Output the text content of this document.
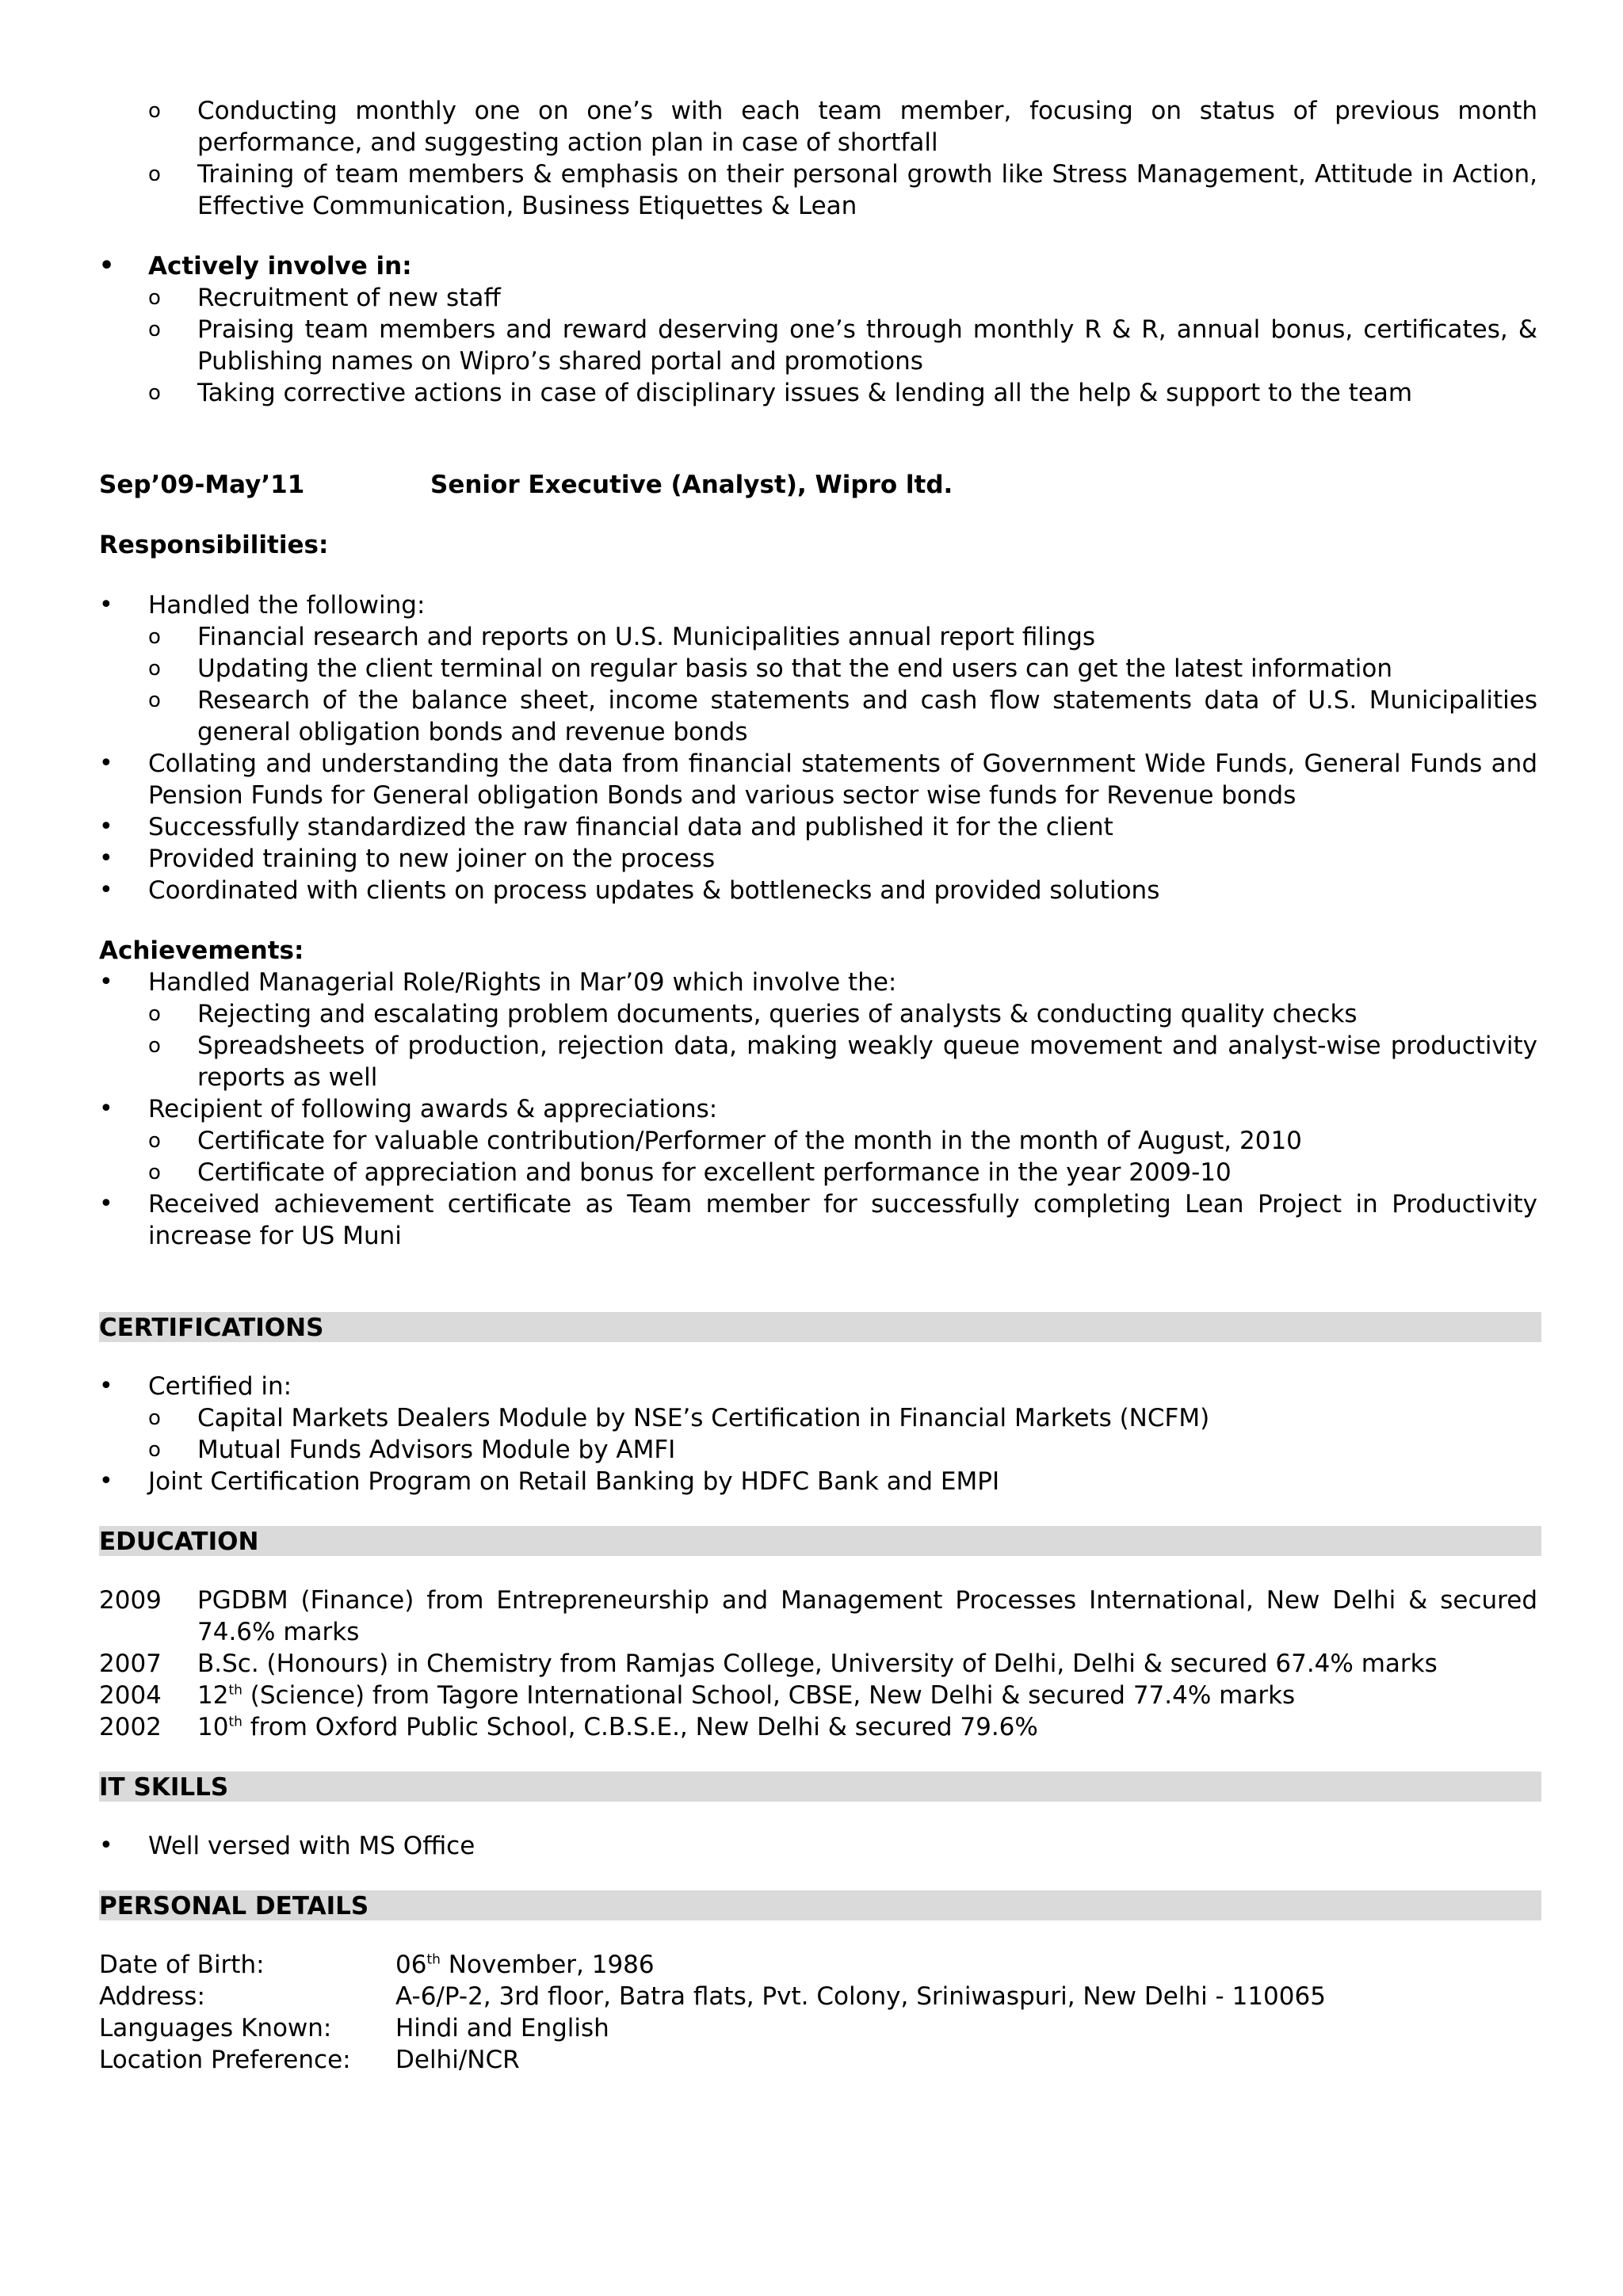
o Conducting monthly one on one’s with each team member, focusing on status of previous month performance, and suggesting action plan in case of shortfall
o Training of team members & emphasis on their personal growth like Stress Management, Attitude in Action, Effective Communication, Business Etiquettes & Lean
• Actively involve in:
o Recruitment of new staff
o Praising team members and reward deserving one’s through monthly R & R, annual bonus, certificates, & Publishing names on Wipro’s shared portal and promotions
o Taking corrective actions in case of disciplinary issues & lending all the help & support to the team
Sep’09-May’11	Senior Executive (Analyst), Wipro ltd.
Responsibilities:
• Handled the following:
o Financial research and reports on U.S. Municipalities annual report filings
o Updating the client terminal on regular basis so that the end users can get the latest information
o Research of the balance sheet, income statements and cash flow statements data of U.S. Municipalities general obligation bonds and revenue bonds
• Collating and understanding the data from financial statements of Government Wide Funds, General Funds and Pension Funds for General obligation Bonds and various sector wise funds for Revenue bonds
• Successfully standardized the raw financial data and published it for the client
• Provided training to new joiner on the process
• Coordinated with clients on process updates & bottlenecks and provided solutions
Achievements:
• Handled Managerial Role/Rights in Mar’09 which involve the:
o Rejecting and escalating problem documents, queries of analysts & conducting quality checks
o Spreadsheets of production, rejection data, making weakly queue movement and analyst-wise productivity reports as well
• Recipient of following awards & appreciations:
o Certificate for valuable contribution/Performer of the month in the month of August, 2010
o Certificate of appreciation and bonus for excellent performance in the year 2009-10
• Received achievement certificate as Team member for successfully completing Lean Project in Productivity increase for US Muni
CERTIFICATIONS
• Certified in:
o Capital Markets Dealers Module by NSE’s Certification in Financial Markets (NCFM)
o Mutual Funds Advisors Module by AMFI
• Joint Certification Program on Retail Banking by HDFC Bank and EMPI
EDUCATION
2009 PGDBM (Finance) from Entrepreneurship and Management Processes International, New Delhi & secured 74.6% marks
2007 B.Sc. (Honours) in Chemistry from Ramjas College, University of Delhi, Delhi & secured 67.4% marks
2004 12th (Science) from Tagore International School, CBSE, New Delhi & secured 77.4% marks
2002 10th from Oxford Public School, C.B.S.E., New Delhi & secured 79.6%
IT SKILLS
• Well versed with MS Office
PERSONAL DETAILS
Date of Birth:	06th November, 1986
Address:	A-6/P-2, 3rd floor, Batra flats, Pvt. Colony, Sriniwaspuri, New Delhi - 110065
Languages Known:	Hindi and English
Location Preference:	Delhi/NCR
